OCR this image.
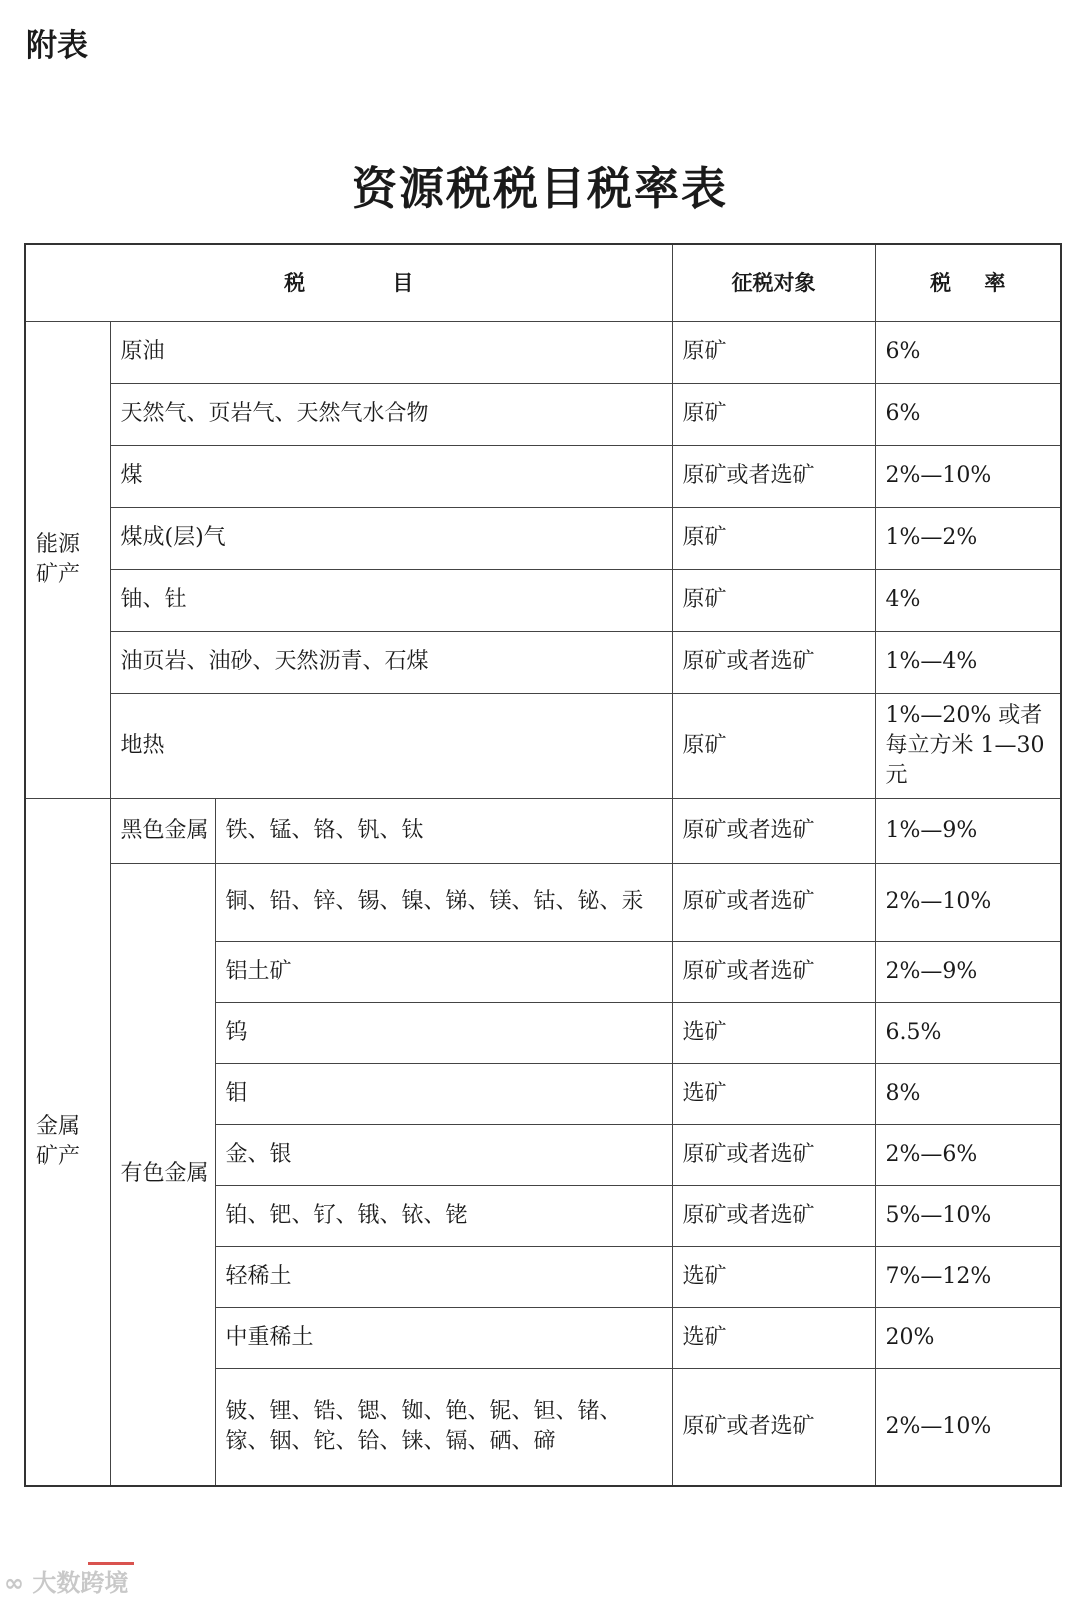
附表
资源税税目税率表
税 目			征税对象	税 率
能源矿产	原油		原矿	6%
	天然气、页岩气、天然气水合物		原矿	6%
	煤		原矿或者选矿	2%—10%
	煤成(层)气		原矿	1%—2%
	铀、钍		原矿	4%
	油页岩、油砂、天然沥青、石煤		原矿或者选矿	1%—4%
	地热		原矿	1%—20% 或者每立方米 1—30 元
金属矿产	黑色金属	铁、锰、铬、钒、钛	原矿或者选矿	1%—9%
	有色金属	铜、铅、锌、锡、镍、锑、镁、钴、铋、汞	原矿或者选矿	2%—10%
		铝土矿	原矿或者选矿	2%—9%
		钨	选矿	6.5%
		钼	选矿	8%
		金、银	原矿或者选矿	2%—6%
		铂、钯、钌、锇、铱、铑	原矿或者选矿	5%—10%
		轻稀土	选矿	7%—12%
		中重稀土	选矿	20%
		铍、锂、锆、锶、铷、铯、铌、钽、锗、镓、铟、铊、铪、铼、镉、硒、碲	原矿或者选矿	2%—10%
∞ 大数跨境
